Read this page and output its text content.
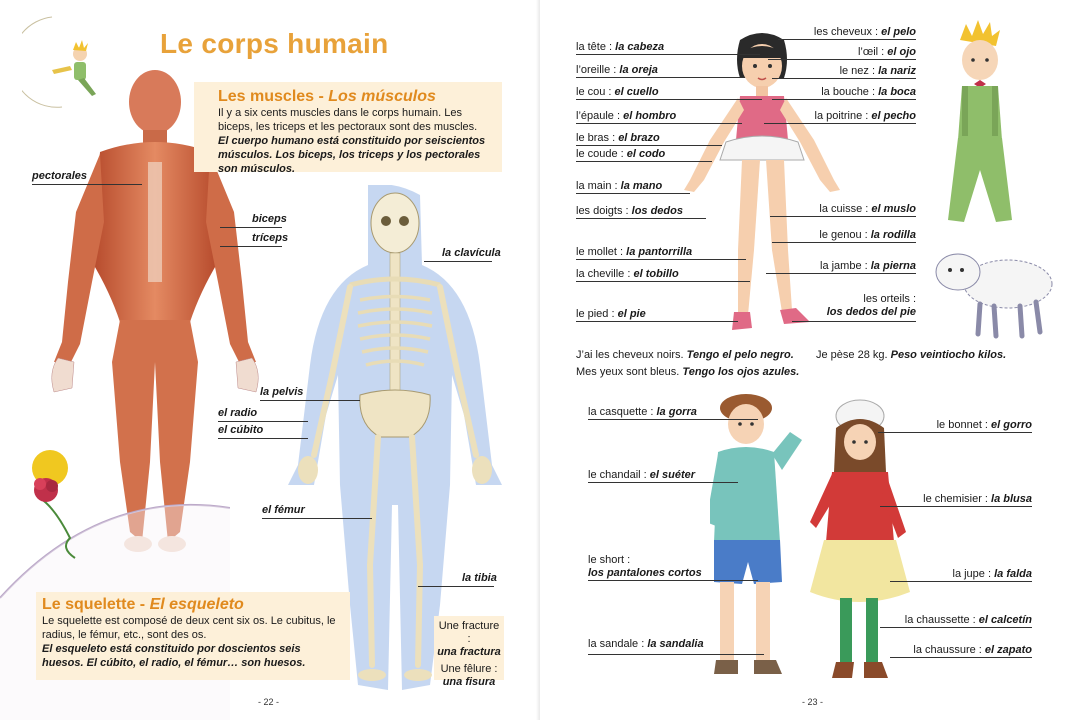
Le corps humain
Les muscles - Los músculos

Il y a six cents muscles dans le corps humain. Les biceps, les triceps et les pectoraux sont des muscles.

El cuerpo humano está constituido por seiscientos músculos. Los biceps, los triceps y los pectorales son músculos.

pectorales
biceps
tríceps
la clavícula
la pelvis
el radio
el cúbito
el fémur
la tibia
Le squelette - El esqueleto

Le squelette est composé de deux cent six os. Le cubitus, le radius, le fémur, etc., sont des os.

El esqueleto está constituido por doscientos seis huesos. El cúbito, el radio, el fémur… son huesos.

Une fracture :
una fractura
Une fêlure :
una fisura
- 22 -
la tête : la cabeza
l’oreille : la oreja
le cou : el cuello
l’épaule : el hombro
le bras : el brazo
le coude : el codo
la main : la mano
les doigts : los dedos
le mollet : la pantorrilla
la cheville : el tobillo
le pied : el pie
les cheveux : el pelo
l’œil : el ojo
le nez : la nariz
la bouche : la boca
la poitrine : el pecho
la cuisse : el muslo
le genou : la rodilla
la jambe : la pierna
les orteils :
los dedos del pie
J’ai les cheveux noirs. Tengo el pelo negro.
Mes yeux sont bleus. Tengo los ojos azules.
Je pèse 28 kg. Peso veintiocho kilos.
la casquette : la gorra
le chandail : el suéter
le short :
los pantalones cortos
la sandale : la sandalia
le bonnet : el gorro
le chemisier : la blusa
la jupe : la falda
la chaussette : el calcetín
la chaussure : el zapato
- 23 -
